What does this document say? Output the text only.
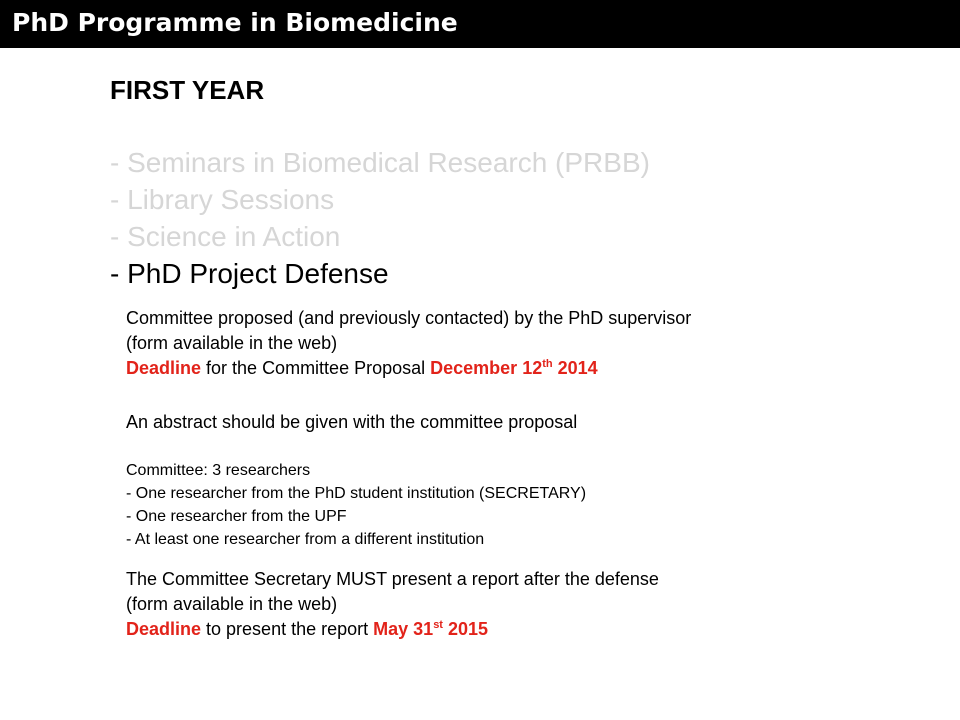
PhD Programme in Biomedicine
FIRST YEAR
- Seminars in Biomedical Research (PRBB)
- Library Sessions
- Science in Action
- PhD Project Defense
Committee proposed (and previously contacted) by the PhD supervisor
(form available in the web)
Deadline for the Committee Proposal December 12th 2014
An abstract should be given with the committee proposal
Committee: 3 researchers
- One researcher from the PhD student institution (SECRETARY)
- One researcher from the UPF
- At least one researcher from a different institution
The Committee Secretary MUST present a report after the defense
(form available in the web)
Deadline to present the report May 31st 2015
